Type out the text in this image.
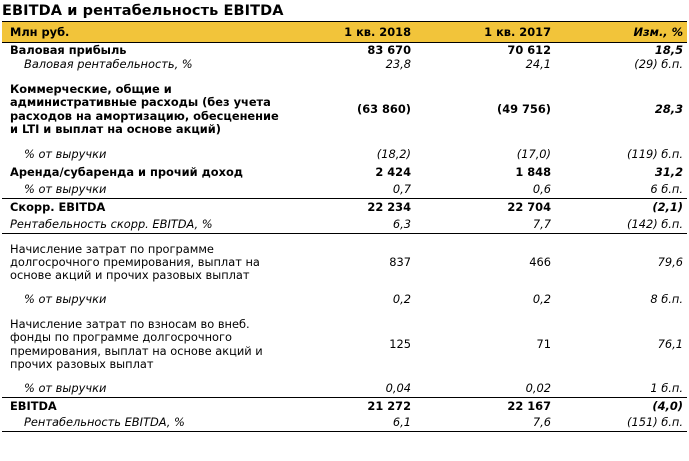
EBITDA и рентабельность EBITDA
Млн руб.	1 кв. 2018	1 кв. 2017	Изм., %
Валовая прибыль	83 670	70 612	18,5
Валовая рентабельность, %	23,8	24,1	(29) б.п.
Коммерческие, общие и административные расходы (без учета расходов на амортизацию, обесценение и LTI и выплат на основе акций)	(63 860)	(49 756)	28,3
% от выручки	(18,2)	(17,0)	(119) б.п.
Аренда/субаренда и прочий доход	2 424	1 848	31,2
% от выручки	0,7	0,6	6 б.п.
Скорр. EBITDA	22 234	22 704	(2,1)
Рентабельность скорр. EBITDA, %	6,3	7,7	(142) б.п.
Начисление затрат по программе долгосрочного премирования, выплат на основе акций и прочих разовых выплат	837	466	79,6
% от выручки	0,2	0,2	8 б.п.
Начисление затрат по взносам во внеб. фонды по программе долгосрочного премирования, выплат на основе акций и прочих разовых выплат	125	71	76,1
% от выручки	0,04	0,02	1 б.п.
EBITDA	21 272	22 167	(4,0)
Рентабельность EBITDA, %	6,1	7,6	(151) б.п.
